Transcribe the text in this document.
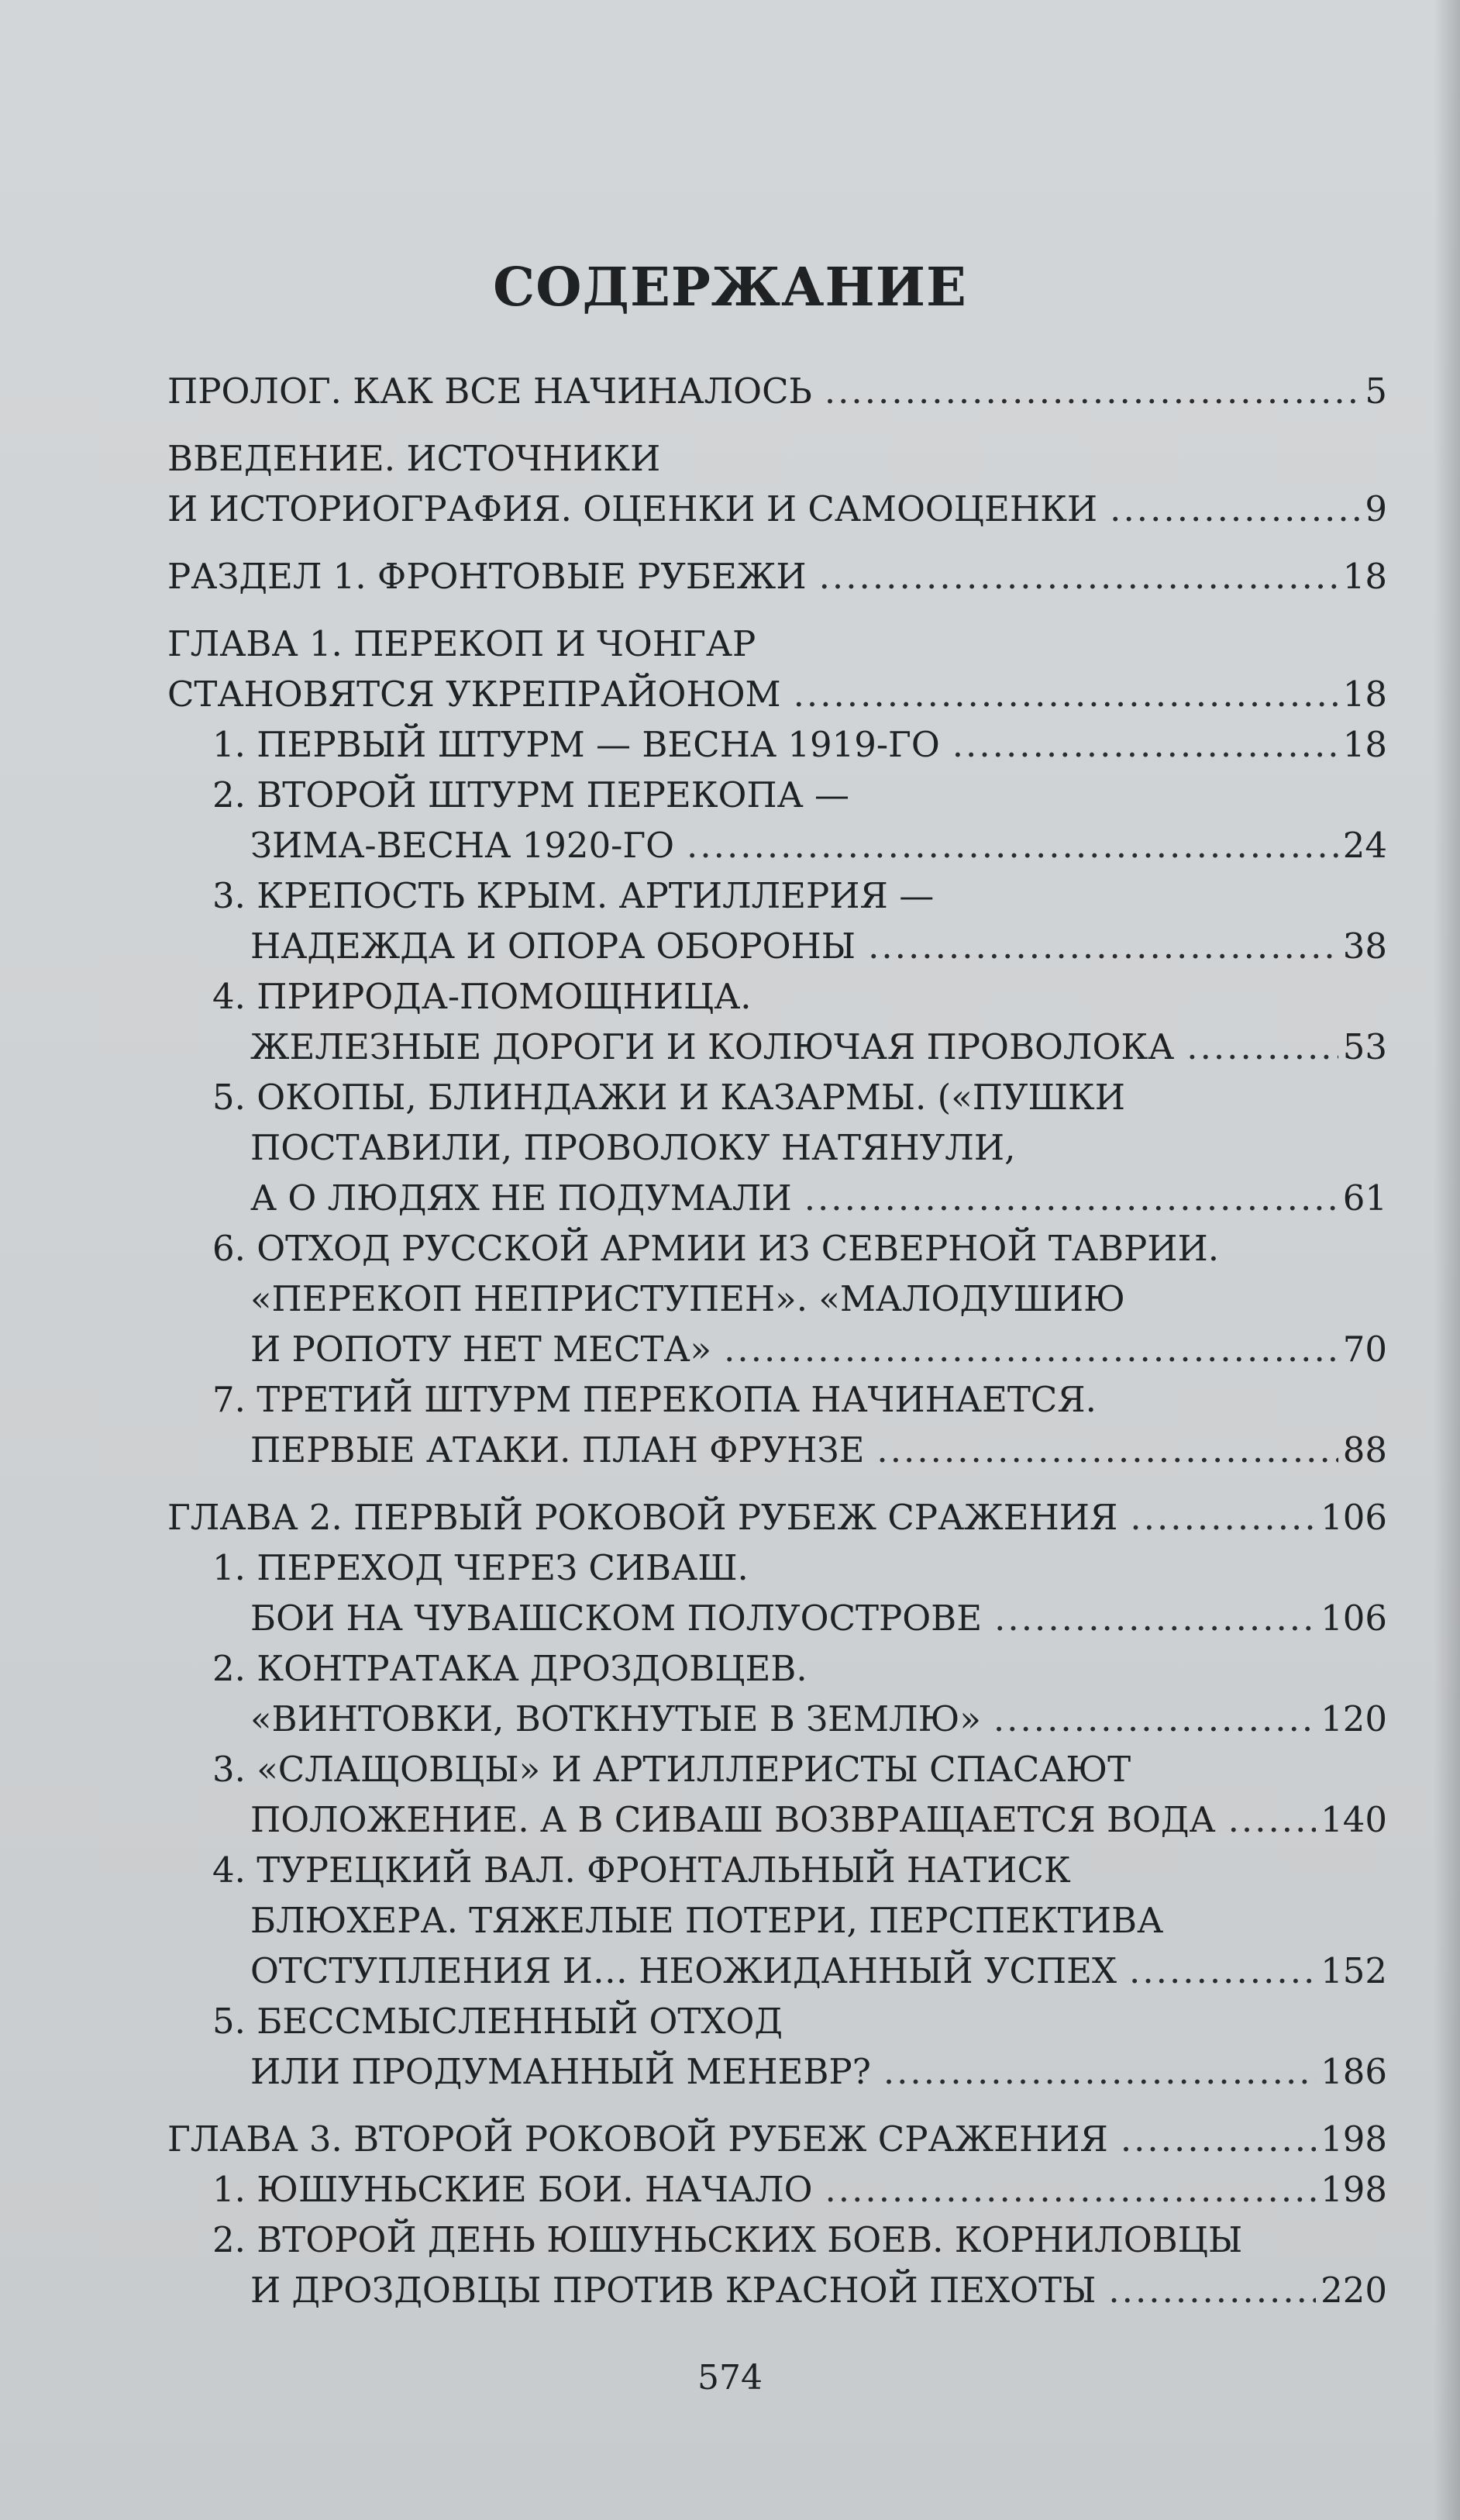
СОДЕРЖАНИЕ
ПРОЛОГ. КАК ВСЕ НАЧИНАЛОСЬ .....	5
ВВЕДЕНИЕ. ИСТОЧНИКИ
И ИСТОРИОГРАФИЯ. ОЦЕНКИ И САМООЦЕНКИ .....	9
РАЗДЕЛ 1. ФРОНТОВЫЕ РУБЕЖИ .....	18
ГЛАВА 1. ПЕРЕКОП И ЧОНГАР
СТАНОВЯТСЯ УКРЕПРАЙОНОМ .....	18
1. ПЕРВЫЙ ШТУРМ — ВЕСНА 1919-ГО .....	18
2. ВТОРОЙ ШТУРМ ПЕРЕКОПА —
ЗИМА-ВЕСНА 1920-ГО .....	24
3. КРЕПОСТЬ КРЫМ. АРТИЛЛЕРИЯ —
НАДЕЖДА И ОПОРА ОБОРОНЫ .....	38
4. ПРИРОДА-ПОМОЩНИЦА.
ЖЕЛЕЗНЫЕ ДОРОГИ И КОЛЮЧАЯ ПРОВОЛОКА .....	53
5. ОКОПЫ, БЛИНДАЖИ И КАЗАРМЫ. («ПУШКИ
ПОСТАВИЛИ, ПРОВОЛОКУ НАТЯНУЛИ,
А О ЛЮДЯХ НЕ ПОДУМАЛИ .....	61
6. ОТХОД РУССКОЙ АРМИИ ИЗ СЕВЕРНОЙ ТАВРИИ.
«ПЕРЕКОП НЕПРИСТУПЕН». «МАЛОДУШИЮ
И РОПОТУ НЕТ МЕСТА» .....	70
7. ТРЕТИЙ ШТУРМ ПЕРЕКОПА НАЧИНАЕТСЯ.
ПЕРВЫЕ АТАКИ. ПЛАН ФРУНЗЕ .....	88
ГЛАВА 2. ПЕРВЫЙ РОКОВОЙ РУБЕЖ СРАЖЕНИЯ .....	106
1. ПЕРЕХОД ЧЕРЕЗ СИВАШ.
БОИ НА ЧУВАШСКОМ ПОЛУОСТРОВЕ .....	106
2. КОНТРАТАКА ДРОЗДОВЦЕВ.
«ВИНТОВКИ, ВОТКНУТЫЕ В ЗЕМЛЮ» .....	120
3. «СЛАЩОВЦЫ» И АРТИЛЛЕРИСТЫ СПАСАЮТ
ПОЛОЖЕНИЕ. А В СИВАШ ВОЗВРАЩАЕТСЯ ВОДА .....	140
4. ТУРЕЦКИЙ ВАЛ. ФРОНТАЛЬНЫЙ НАТИСК
БЛЮХЕРА. ТЯЖЕЛЫЕ ПОТЕРИ, ПЕРСПЕКТИВА
ОТСТУПЛЕНИЯ И… НЕОЖИДАННЫЙ УСПЕХ .....	152
5. БЕССМЫСЛЕННЫЙ ОТХОД
ИЛИ ПРОДУМАННЫЙ МЕНЕВР? .....	186
ГЛАВА 3. ВТОРОЙ РОКОВОЙ РУБЕЖ СРАЖЕНИЯ .....	198
1. ЮШУНЬСКИЕ БОИ. НАЧАЛО .....	198
2. ВТОРОЙ ДЕНЬ ЮШУНЬСКИХ БОЕВ. КОРНИЛОВЦЫ
И ДРОЗДОВЦЫ ПРОТИВ КРАСНОЙ ПЕХОТЫ .....	220
574
